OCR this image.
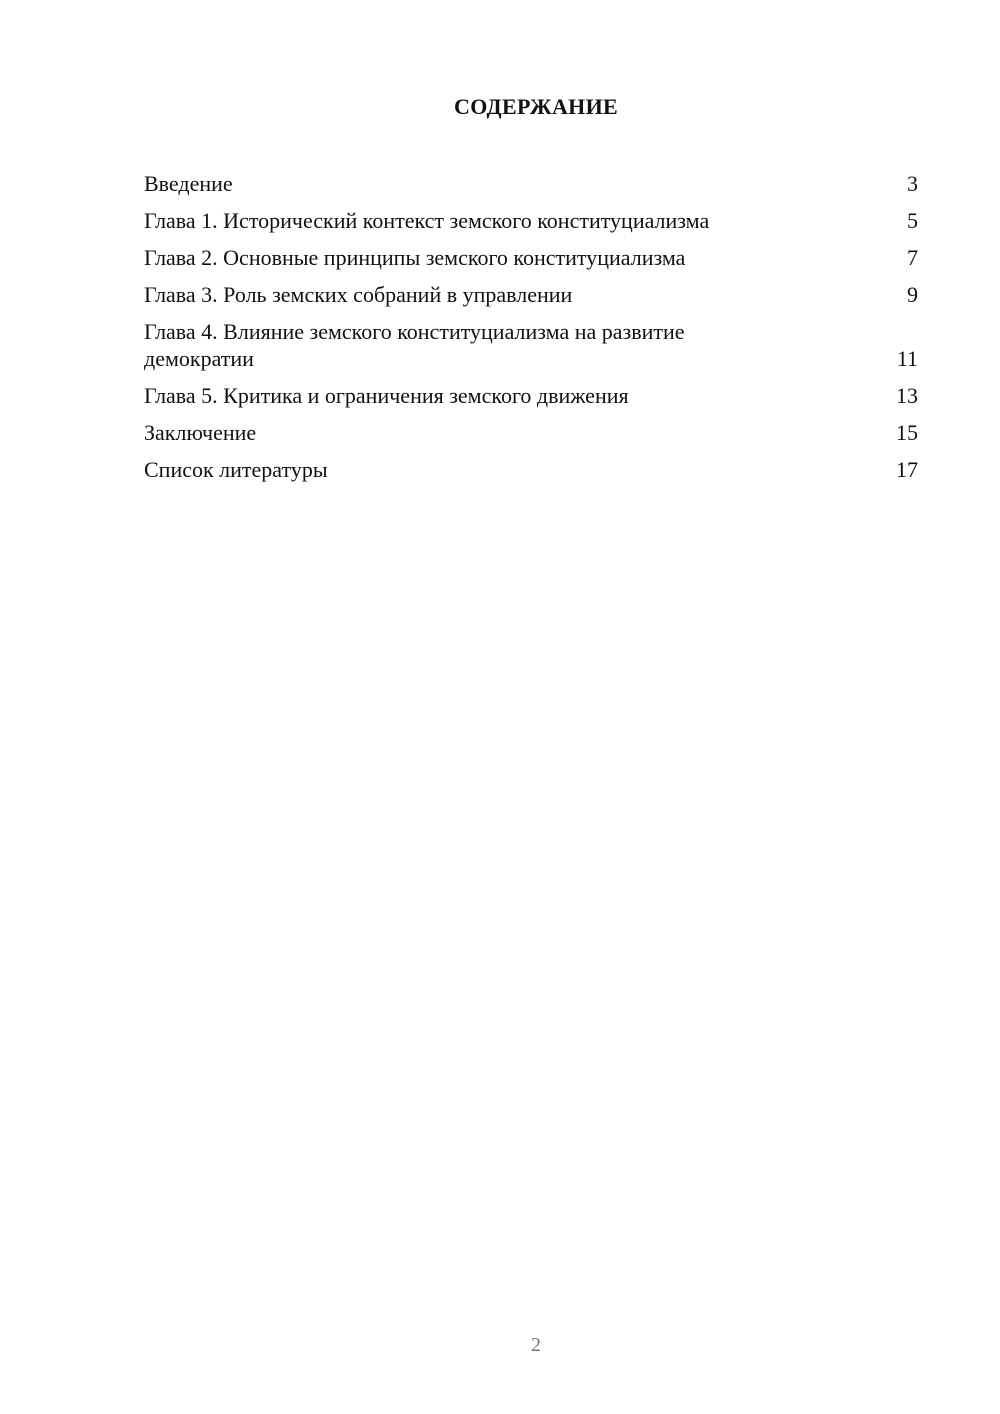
СОДЕРЖАНИЕ
Введение	3
Глава 1. Исторический контекст земского конституциализма	5
Глава 2. Основные принципы земского конституциализма	7
Глава 3. Роль земских собраний в управлении	9
Глава 4. Влияние земского конституциализма на развитие демократии	11
Глава 5. Критика и ограничения земского движения	13
Заключение	15
Список литературы	17
2
